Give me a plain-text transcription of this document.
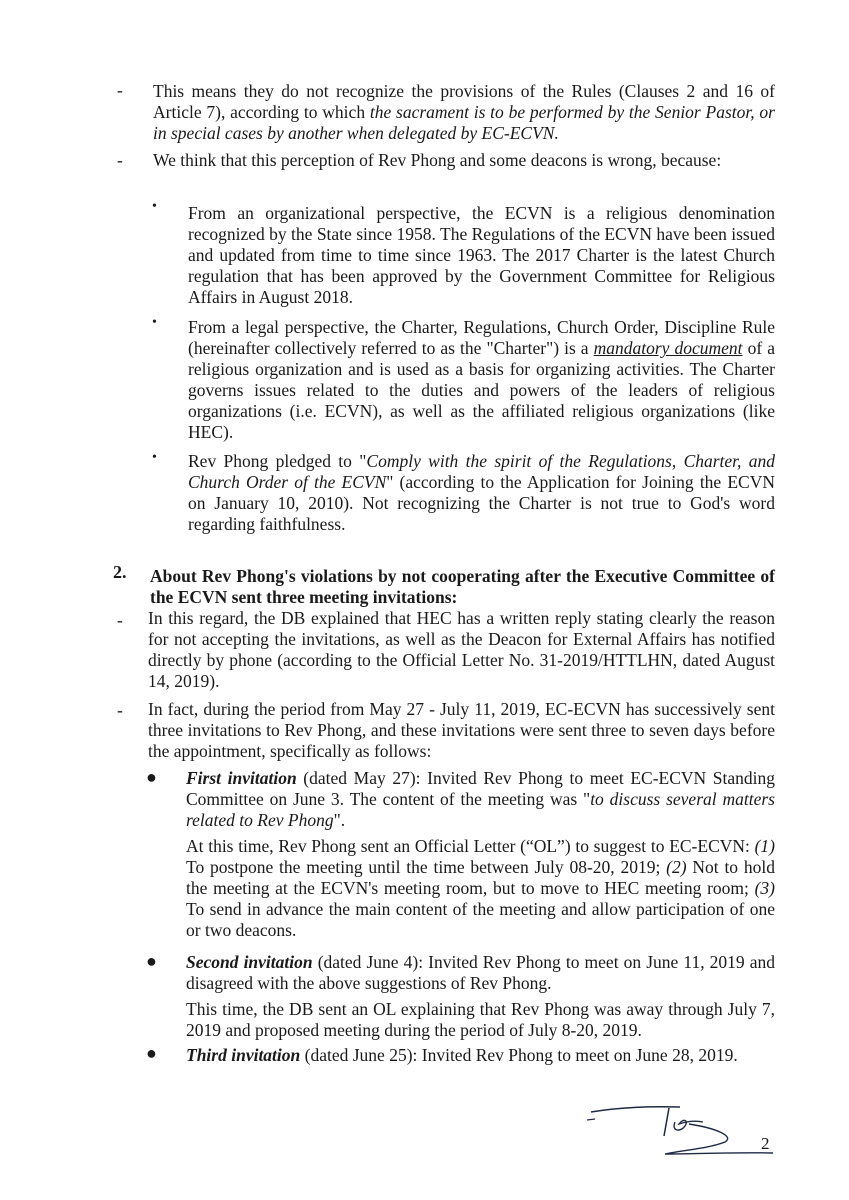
- This means they do not recognize the provisions of the Rules (Clauses 2 and 16 of Article 7), according to which the sacrament is to be performed by the Senior Pastor, or in special cases by another when delegated by EC-ECVN.

- We think that this perception of Rev Phong and some deacons is wrong, because:

• From an organizational perspective, the ECVN is a religious denomination recognized by the State since 1958. The Regulations of the ECVN have been issued and updated from time to time since 1963. The 2017 Charter is the latest Church regulation that has been approved by the Government Committee for Religious Affairs in August 2018.

• From a legal perspective, the Charter, Regulations, Church Order, Discipline Rule (hereinafter collectively referred to as the "Charter") is a mandatory document of a religious organization and is used as a basis for organizing activities. The Charter governs issues related to the duties and powers of the leaders of religious organizations (i.e. ECVN), as well as the affiliated religious organizations (like HEC).

• Rev Phong pledged to "Comply with the spirit of the Regulations, Charter, and Church Order of the ECVN" (according to the Application for Joining the ECVN on January 10, 2010). Not recognizing the Charter is not true to God's word regarding faithfulness.

2. About Rev Phong's violations by not cooperating after the Executive Committee of the ECVN sent three meeting invitations:

- In this regard, the DB explained that HEC has a written reply stating clearly the reason for not accepting the invitations, as well as the Deacon for External Affairs has notified directly by phone (according to the Official Letter No. 31-2019/HTTLHN, dated August 14, 2019).

- In fact, during the period from May 27 - July 11, 2019, EC-ECVN has successively sent three invitations to Rev Phong, and these invitations were sent three to seven days before the appointment, specifically as follows:

● First invitation (dated May 27): Invited Rev Phong to meet EC-ECVN Standing Committee on June 3. The content of the meeting was "to discuss several matters related to Rev Phong".

At this time, Rev Phong sent an Official Letter (“OL”) to suggest to EC-ECVN: (1) To postpone the meeting until the time between July 08-20, 2019; (2) Not to hold the meeting at the ECVN's meeting room, but to move to HEC meeting room; (3) To send in advance the main content of the meeting and allow participation of one or two deacons.

● Second invitation (dated June 4): Invited Rev Phong to meet on June 11, 2019 and disagreed with the above suggestions of Rev Phong.

This time, the DB sent an OL explaining that Rev Phong was away through July 7, 2019 and proposed meeting during the period of July 8-20, 2019.

● Third invitation (dated June 25): Invited Rev Phong to meet on June 28, 2019.

2
